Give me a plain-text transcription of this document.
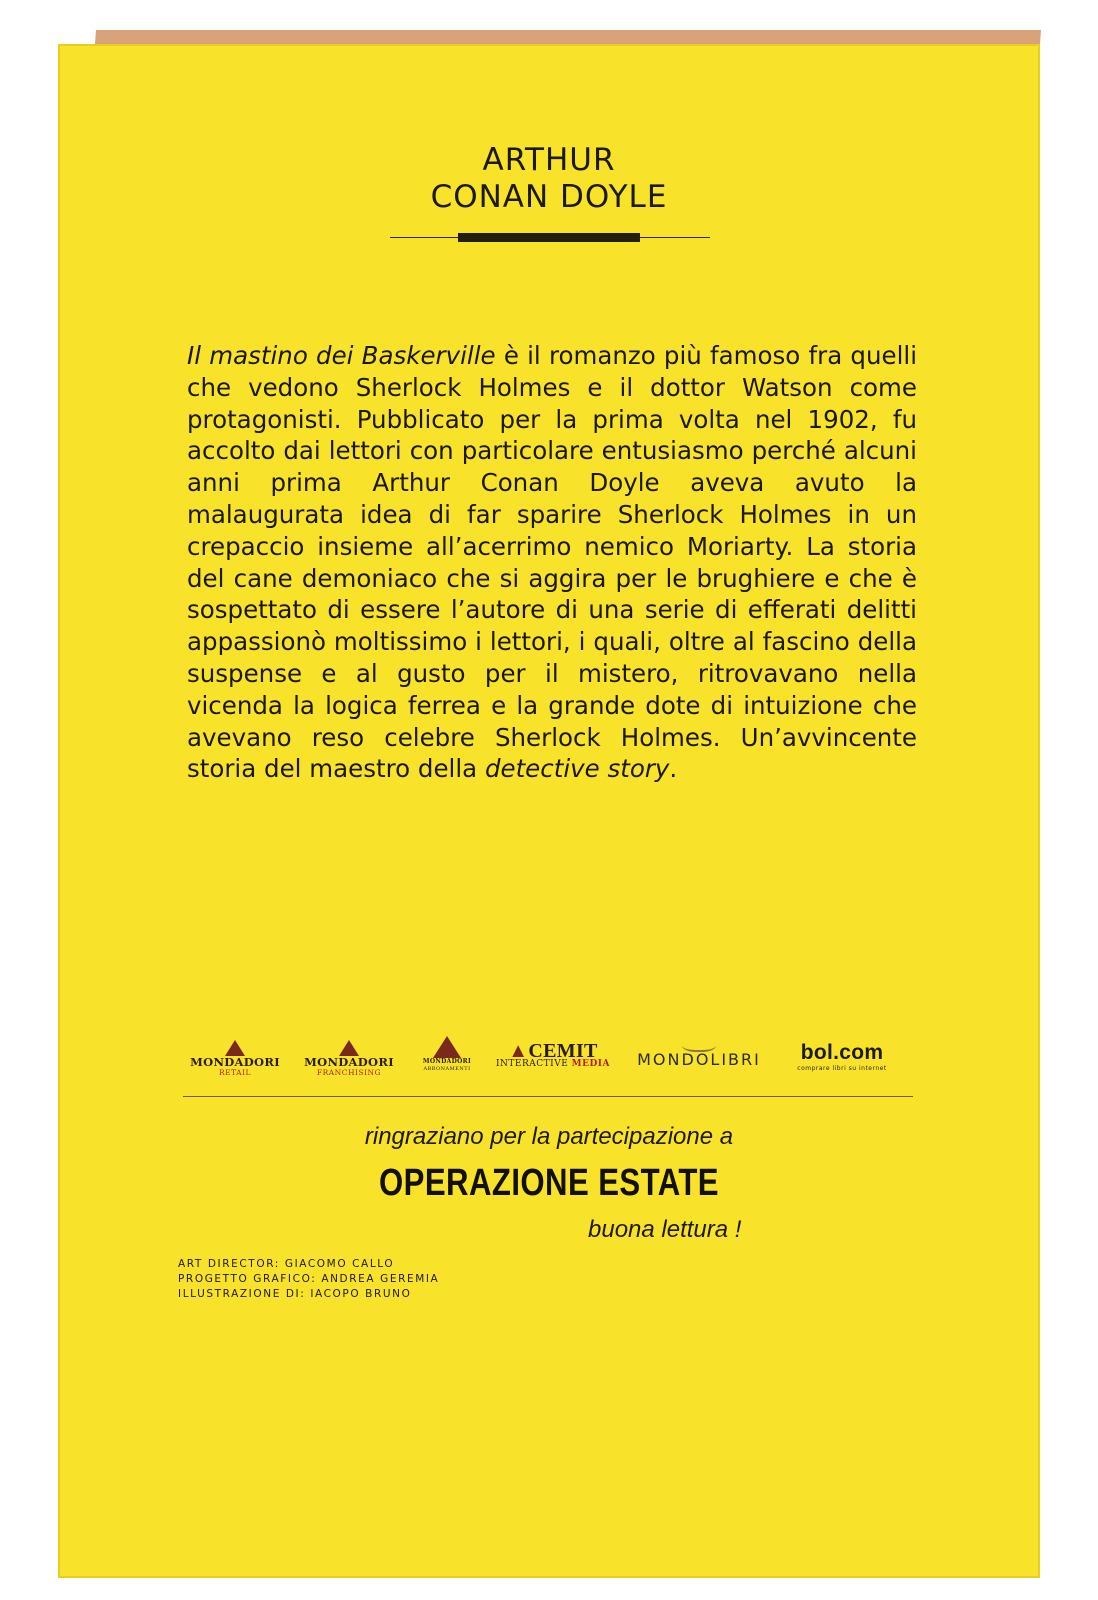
ARTHUR
CONAN DOYLE
Il mastino dei Baskerville è il romanzo più famoso fra quelli che vedono Sherlock Holmes e il dottor Watson come protagonisti. Pubblicato per la prima volta nel 1902, fu accolto dai lettori con particolare entusiasmo perché alcuni anni prima Arthur Conan Doyle aveva avuto la malaugurata idea di far sparire Sherlock Holmes in un crepaccio insieme all’acerrimo nemico Moriarty. La storia del cane demoniaco che si aggira per le brughiere e che è sospettato di essere l’autore di una serie di efferati delitti appassionò moltissimo i lettori, i quali, oltre al fascino della suspense e al gusto per il mistero, ritrovavano nella vicenda la logica ferrea e la grande dote di intuizione che avevano reso celebre Sherlock Holmes. Un’avvincente storia del maestro della detective story.
MONDADORI
RETAIL
MONDADORI
FRANCHISING
MONDADORI
ABBONAMENTI
▲CEMIT
INTERACTIVE MEDIA	MONDOLIBRI	bol.com
comprare libri su internet
ringraziano per la partecipazione a
OPERAZIONE ESTATE
buona lettura !
ART DIRECTOR: GIACOMO CALLO
PROGETTO GRAFICO: ANDREA GEREMIA
ILLUSTRAZIONE DI: IACOPO BRUNO
